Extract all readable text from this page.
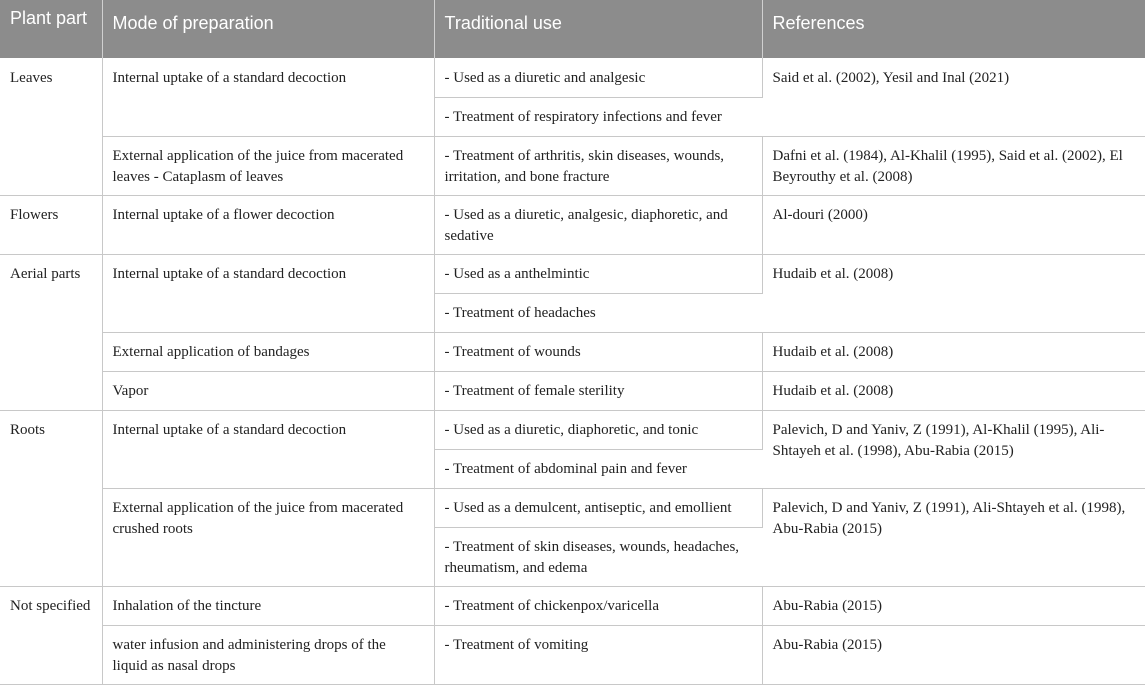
Plant part	Mode of preparation	Traditional use	References
Leaves	Internal uptake of a standard decoction	- Used as a diuretic and analgesic	Said et al. (2002), Yesil and Inal (2021)
		- Treatment of respiratory infections and fever	
	External application of the juice from macerated leaves - Cataplasm of leaves	- Treatment of arthritis, skin diseases, wounds, irritation, and bone fracture	Dafni et al. (1984), Al-Khalil (1995), Said et al. (2002), El Beyrouthy et al. (2008)
Flowers	Internal uptake of a flower decoction	- Used as a diuretic, analgesic, diaphoretic, and sedative	Al-douri (2000)
Aerial parts	Internal uptake of a standard decoction	- Used as a anthelmintic	Hudaib et al. (2008)
		- Treatment of headaches	
	External application of bandages	- Treatment of wounds	Hudaib et al. (2008)
	Vapor	- Treatment of female sterility	Hudaib et al. (2008)
Roots	Internal uptake of a standard decoction	- Used as a diuretic, diaphoretic, and tonic	Palevich, D and Yaniv, Z (1991), Al-Khalil (1995), Ali-Shtayeh et al. (1998), Abu-Rabia (2015)
		- Treatment of abdominal pain and fever	
	External application of the juice from macerated crushed roots	- Used as a demulcent, antiseptic, and emollient	Palevich, D and Yaniv, Z (1991), Ali-Shtayeh et al. (1998), Abu-Rabia (2015)
		- Treatment of skin diseases, wounds, headaches, rheumatism, and edema	
Not specified	Inhalation of the tincture	- Treatment of chickenpox/varicella	Abu-Rabia (2015)
	water infusion and administering drops of the liquid as nasal drops	- Treatment of vomiting	Abu-Rabia (2015)
